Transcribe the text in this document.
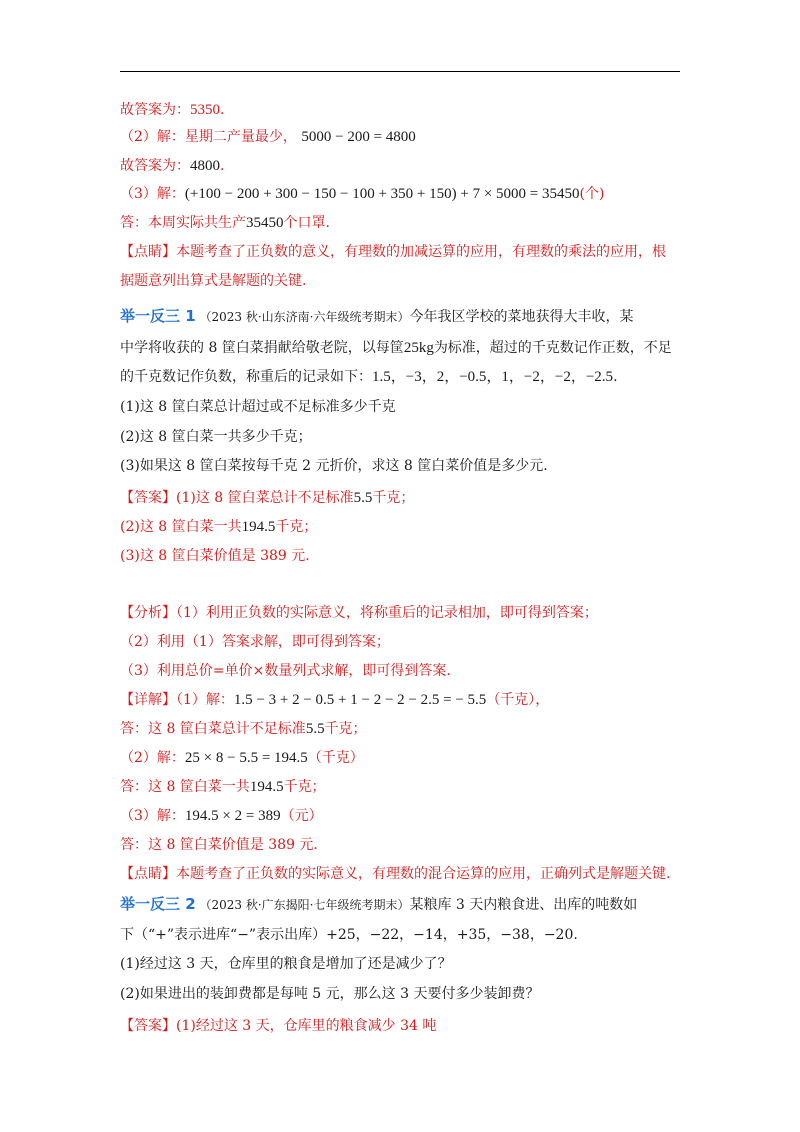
故答案为：5350.
（2）解：星期二产量最少， 5000 − 200 = 4800
故答案为：4800.
（3）解：(+100 − 200 + 300 − 150 − 100 + 350 + 150) + 7 × 5000 = 35450(个)
答：本周实际共生产35450个口罩.
【点睛】本题考查了正负数的意义，有理数的加减运算的应用，有理数的乘法的应用，根
据题意列出算式是解题的关键.
举一反三 1 （2023 秋·山东济南·六年级统考期末）今年我区学校的菜地获得大丰收，某
中学将收获的 8 筐白菜捐献给敬老院，以每筐25kg为标准，超过的千克数记作正数，不足
的千克数记作负数，称重后的记录如下：1.5，−3，2，−0.5，1，−2，−2，−2.5.
(1)这 8 筐白菜总计超过或不足标准多少千克
(2)这 8 筐白菜一共多少千克；
(3)如果这 8 筐白菜按每千克 2 元折价，求这 8 筐白菜价值是多少元.
【答案】(1)这 8 筐白菜总计不足标准5.5千克；
(2)这 8 筐白菜一共194.5千克；
(3)这 8 筐白菜价值是 389 元.
【分析】（1）利用正负数的实际意义，将称重后的记录相加，即可得到答案；
（2）利用（1）答案求解，即可得到答案；
（3）利用总价=单价×数量列式求解，即可得到答案.
【详解】（1）解：1.5 − 3 + 2 − 0.5 + 1 − 2 − 2 − 2.5 = − 5.5（千克），
答：这 8 筐白菜总计不足标准5.5千克；
（2）解：25 × 8 − 5.5 = 194.5（千克）
答：这 8 筐白菜一共194.5千克；
（3）解：194.5 × 2 = 389（元）
答：这 8 筐白菜价值是 389 元.
【点睛】本题考查了正负数的实际意义，有理数的混合运算的应用，正确列式是解题关键.
举一反三 2 （2023 秋·广东揭阳·七年级统考期末）某粮库 3 天内粮食进、出库的吨数如
下（“+”表示进库“−”表示出库）+25，−22，−14，+35，−38，−20.
(1)经过这 3 天，仓库里的粮食是增加了还是减少了？
(2)如果进出的装卸费都是每吨 5 元，那么这 3 天要付多少装卸费？
【答案】(1)经过这 3 天，仓库里的粮食减少 34 吨
